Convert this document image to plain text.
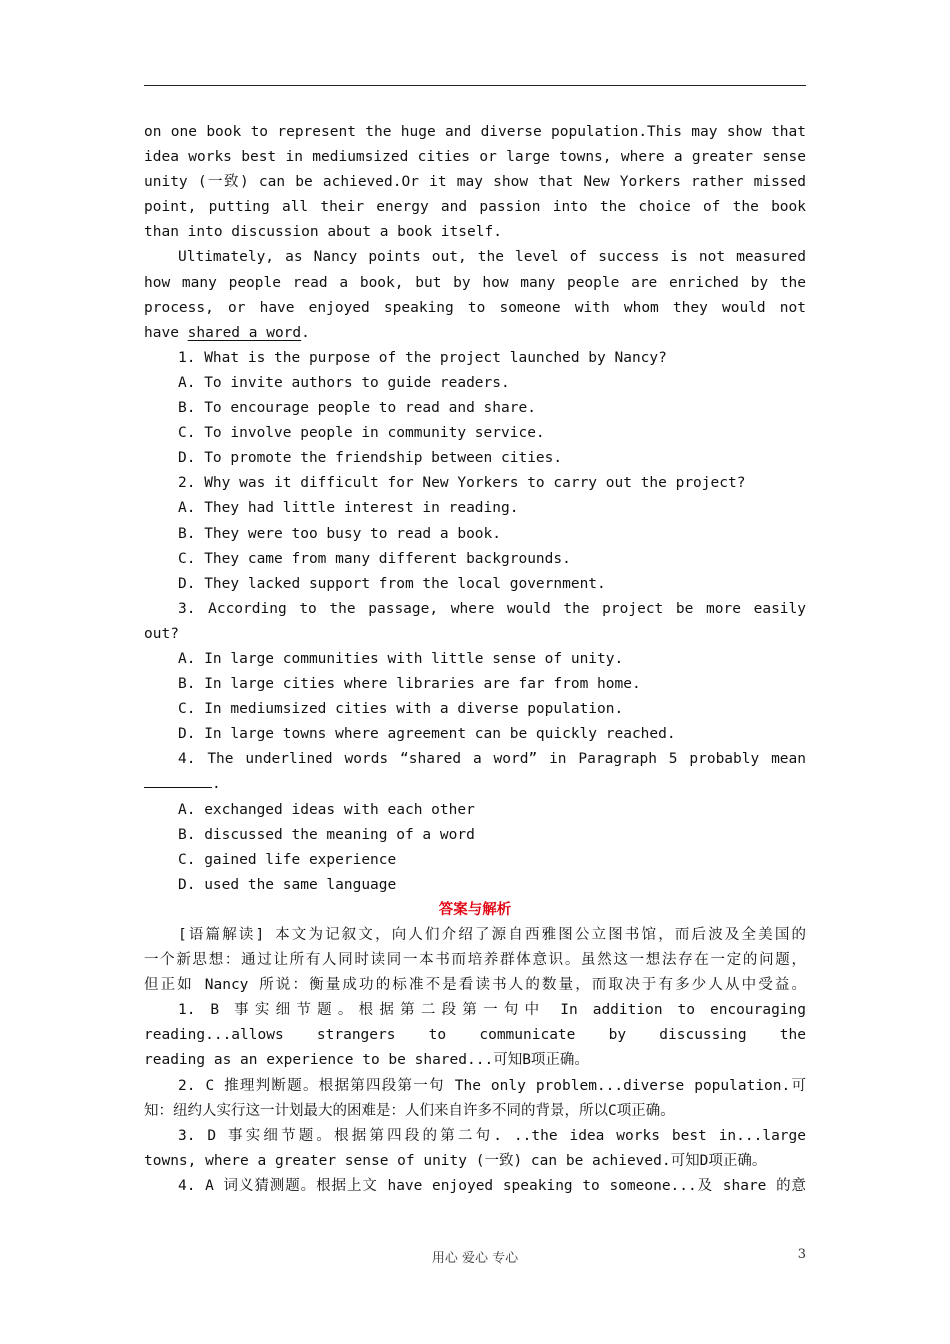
on one book to represent the huge and diverse population.This may show that
idea works best in mediumsized cities or large towns, where a greater sense
unity (一致) can be achieved.Or it may show that New Yorkers rather missed
point, putting all their energy and passion into the choice of the book
than into discussion about a book itself.
Ultimately, as Nancy points out, the level of success is not measured
how many people read a book, but by how many people are enriched by the
process, or have enjoyed speaking to someone with whom they would not
have shared a word.
1. What is the purpose of the project launched by Nancy?
A. To invite authors to guide readers.
B. To encourage people to read and share.
C. To involve people in community service.
D. To promote the friendship between cities.
2. Why was it difficult for New Yorkers to carry out the project?
A. They had little interest in reading.
B. They were too busy to read a book.
C. They came from many different backgrounds.
D. They lacked support from the local government.
3. According to the passage, where would the project be more easily
out?
A. In large communities with little sense of unity.
B. In large cities where libraries are far from home.
C. In mediumsized cities with a diverse population.
D. In large towns where agreement can be quickly reached.
4. The underlined words “shared a word” in Paragraph 5 probably mean
.
A. exchanged ideas with each other
B. discussed the meaning of a word
C. gained life experience
D. used the same language
答案与解析
[语篇解读] 本文为记叙文，向人们介绍了源自西雅图公立图书馆，而后波及全美国的
一个新思想：通过让所有人同时读同一本书而培养群体意识。虽然这一想法存在一定的问题，
但正如 Nancy 所说：衡量成功的标准不是看读书人的数量，而取决于有多少人从中受益。
1. B 事实细节题。根据第二段第一句中 In addition to encouraging
reading...allows strangers to communicate by discussing the
reading as an experience to be shared...可知B项正确。
2. C 推理判断题。根据第四段第一句 The only problem...diverse population.可
知：纽约人实行这一计划最大的困难是：人们来自许多不同的背景，所以C项正确。
3. D 事实细节题。根据第四段的第二句. ..the idea works best in...large
towns, where a greater sense of unity (一致) can be achieved.可知D项正确。
4. A 词义猜测题。根据上文 have enjoyed speaking to someone...及 share 的意
用心 爱心 专心	3
